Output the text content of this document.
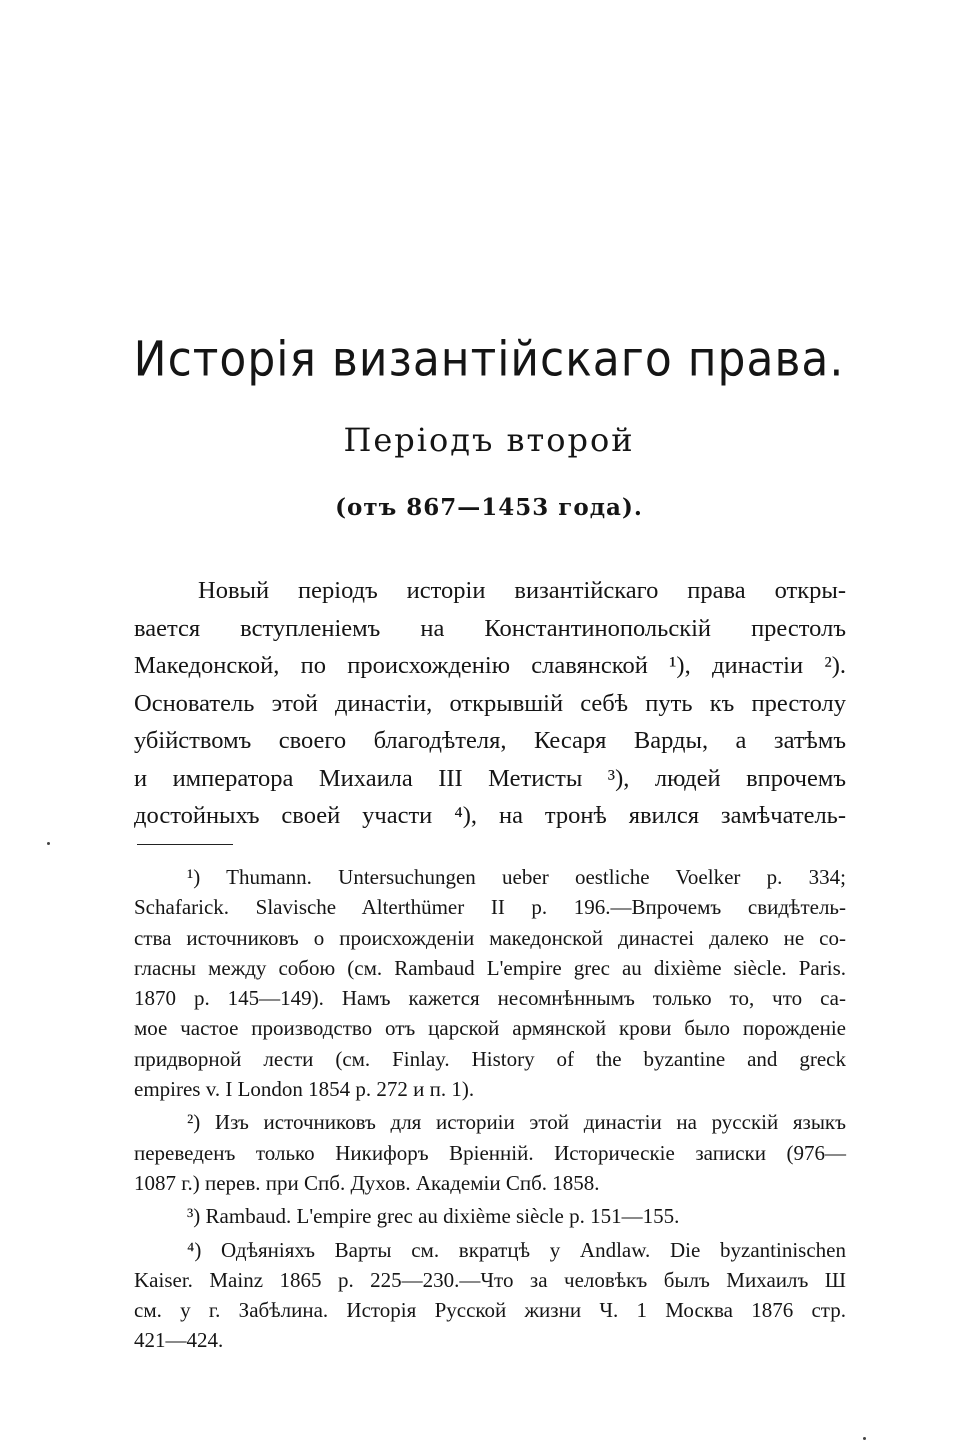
Исторія византійскаго права.
Періодъ второй
(отъ 867—1453 года).
Новый періодъ исторіи византійскаго права откры-
вается вступленіемъ на Константинопольскій престолъ
Македонской, по происхожденію славянской ¹), династіи ²).
Основатель этой династіи, открывшій себѣ путь къ престолу
убійствомъ своего благодѣтеля, Кесаря Варды, а затѣмъ
и императора Михаила III Метисты ³), людей впрочемъ
достойныхъ своей участи ⁴), на тронѣ явился замѣчатель-
¹) Thumann. Untersuchungen ueber oestliche Voelker p. 334;
Schafarick. Slavische Alterthümer II p. 196.—Впрочемъ свидѣтель-
ства источниковъ о происхожденіи македонской династеі далеко не со-
гласны между собою (см. Rambaud L'empire grec au dixième siècle. Paris.
1870 p. 145—149). Намъ кажется несомнѣннымъ только то, что са-
мое частое производство отъ царской армянской крови было порожденіе
придворной лести (см. Finlay. History of the byzantine and greck
empires v. I London 1854 p. 272 и п. 1).
²) Изъ источниковъ для историіи этой династіи на русскій языкъ
переведенъ только Никифоръ Вріенній. Историческіе записки (976—
1087 г.) перев. при Спб. Духов. Академіи Спб. 1858.
³) Rambaud. L'empire grec au dixième siècle p. 151—155.
⁴) Одѣяніяхъ Варты см. вкратцѣ у Andlaw. Die byzantinischen
Kaiser. Mainz 1865 p. 225—230.—Что за человѣкъ былъ Михаилъ Ш
см. у г. Забѣлина. Исторія Русской жизни Ч. 1 Москва 1876 стр.
421—424.
